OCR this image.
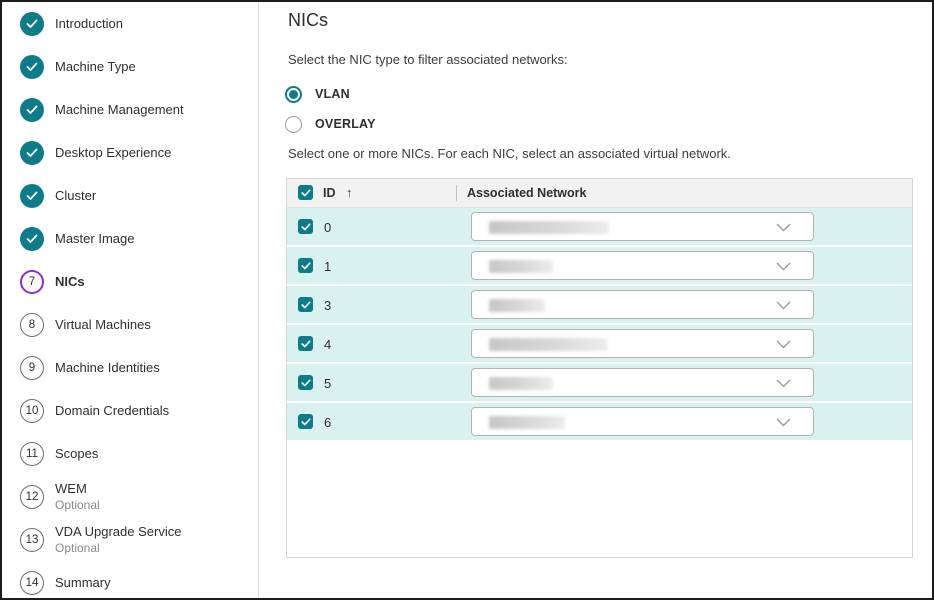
Introduction
Machine Type
Machine Management
Desktop Experience
Cluster
Master Image
7	NICs
8	Virtual Machines
9	Machine Identities
10	Domain Credentials
11	Scopes
12
WEM
Optional
13
VDA Upgrade Service
Optional
14	Summary
NICs
Select the NIC type to filter associated networks:
VLAN
OVERLAY
Select one or more NICs. For each NIC, select an associated virtual network.
ID ↑	Associated Network
0
1
3
4
5
6
